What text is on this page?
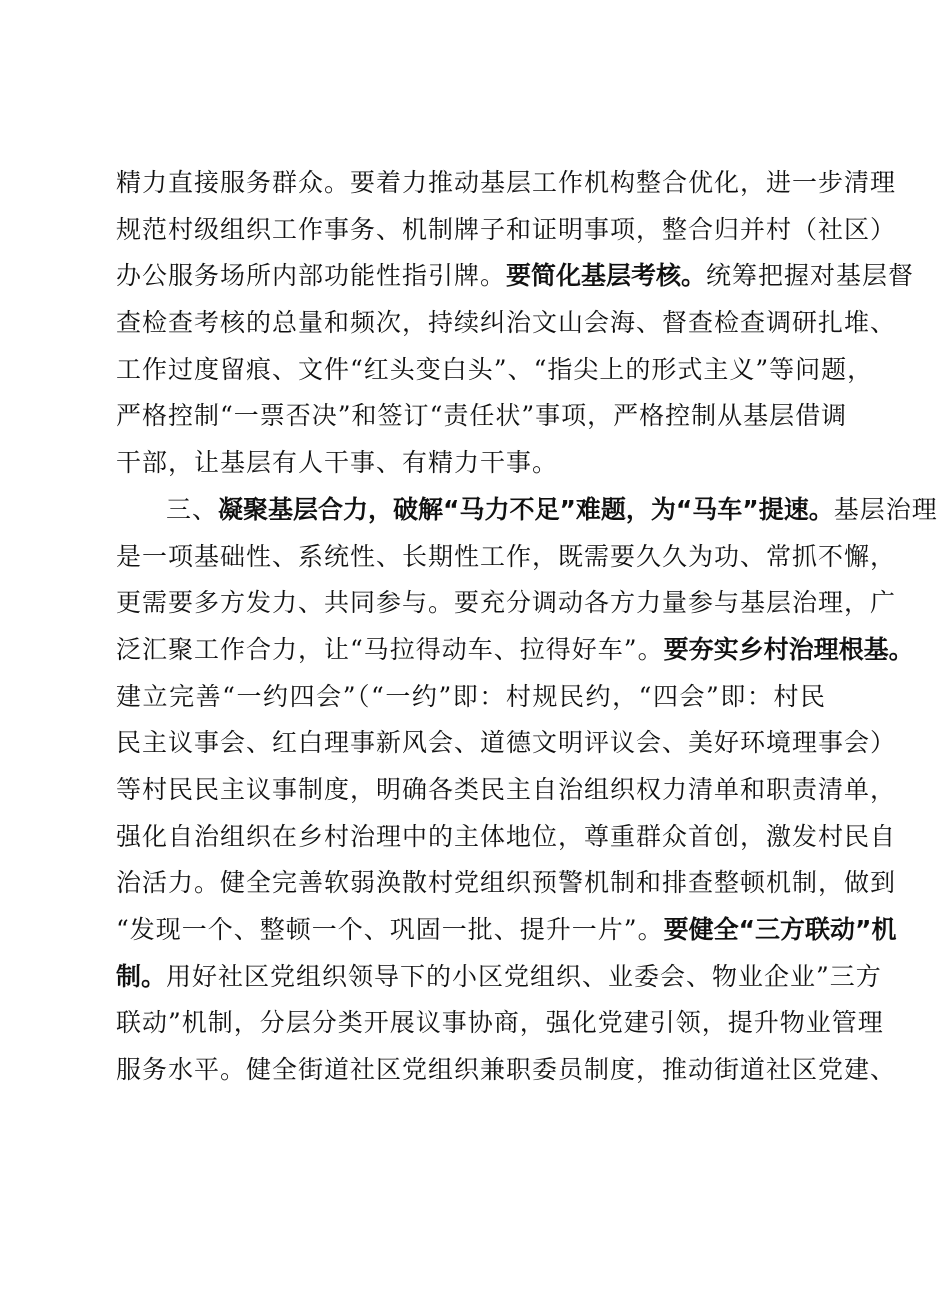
精力直接服务群众。要着力推动基层工作机构整合优化，进一步清理
规范村级组织工作事务、机制牌子和证明事项，整合归并村（社区）
办公服务场所内部功能性指引牌。要简化基层考核。统筹把握对基层督
查检查考核的总量和频次，持续纠治文山会海、督查检查调研扎堆、
工作过度留痕、文件“红头变白头”、“指尖上的形式主义”等问题，
严格控制“一票否决”和签订“责任状”事项，严格控制从基层借调
干部，让基层有人干事、有精力干事。
三、凝聚基层合力，破解“马力不足”难题，为“马车”提速。基层治理
是一项基础性、系统性、长期性工作，既需要久久为功、常抓不懈，
更需要多方发力、共同参与。要充分调动各方力量参与基层治理，广
泛汇聚工作合力，让“马拉得动车、拉得好车”。要夯实乡村治理根基。
建立完善“一约四会”（“一约”即：村规民约，“四会”即：村民
民主议事会、红白理事新风会、道德文明评议会、美好环境理事会）
等村民民主议事制度，明确各类民主自治组织权力清单和职责清单，
强化自治组织在乡村治理中的主体地位，尊重群众首创，激发村民自
治活力。健全完善软弱涣散村党组织预警机制和排查整顿机制，做到
“发现一个、整顿一个、巩固一批、提升一片”。要健全“三方联动”机
制。用好社区党组织领导下的小区党组织、业委会、物业企业”三方
联动”机制，分层分类开展议事协商，强化党建引领，提升物业管理
服务水平。健全街道社区党组织兼职委员制度，推动街道社区党建、
